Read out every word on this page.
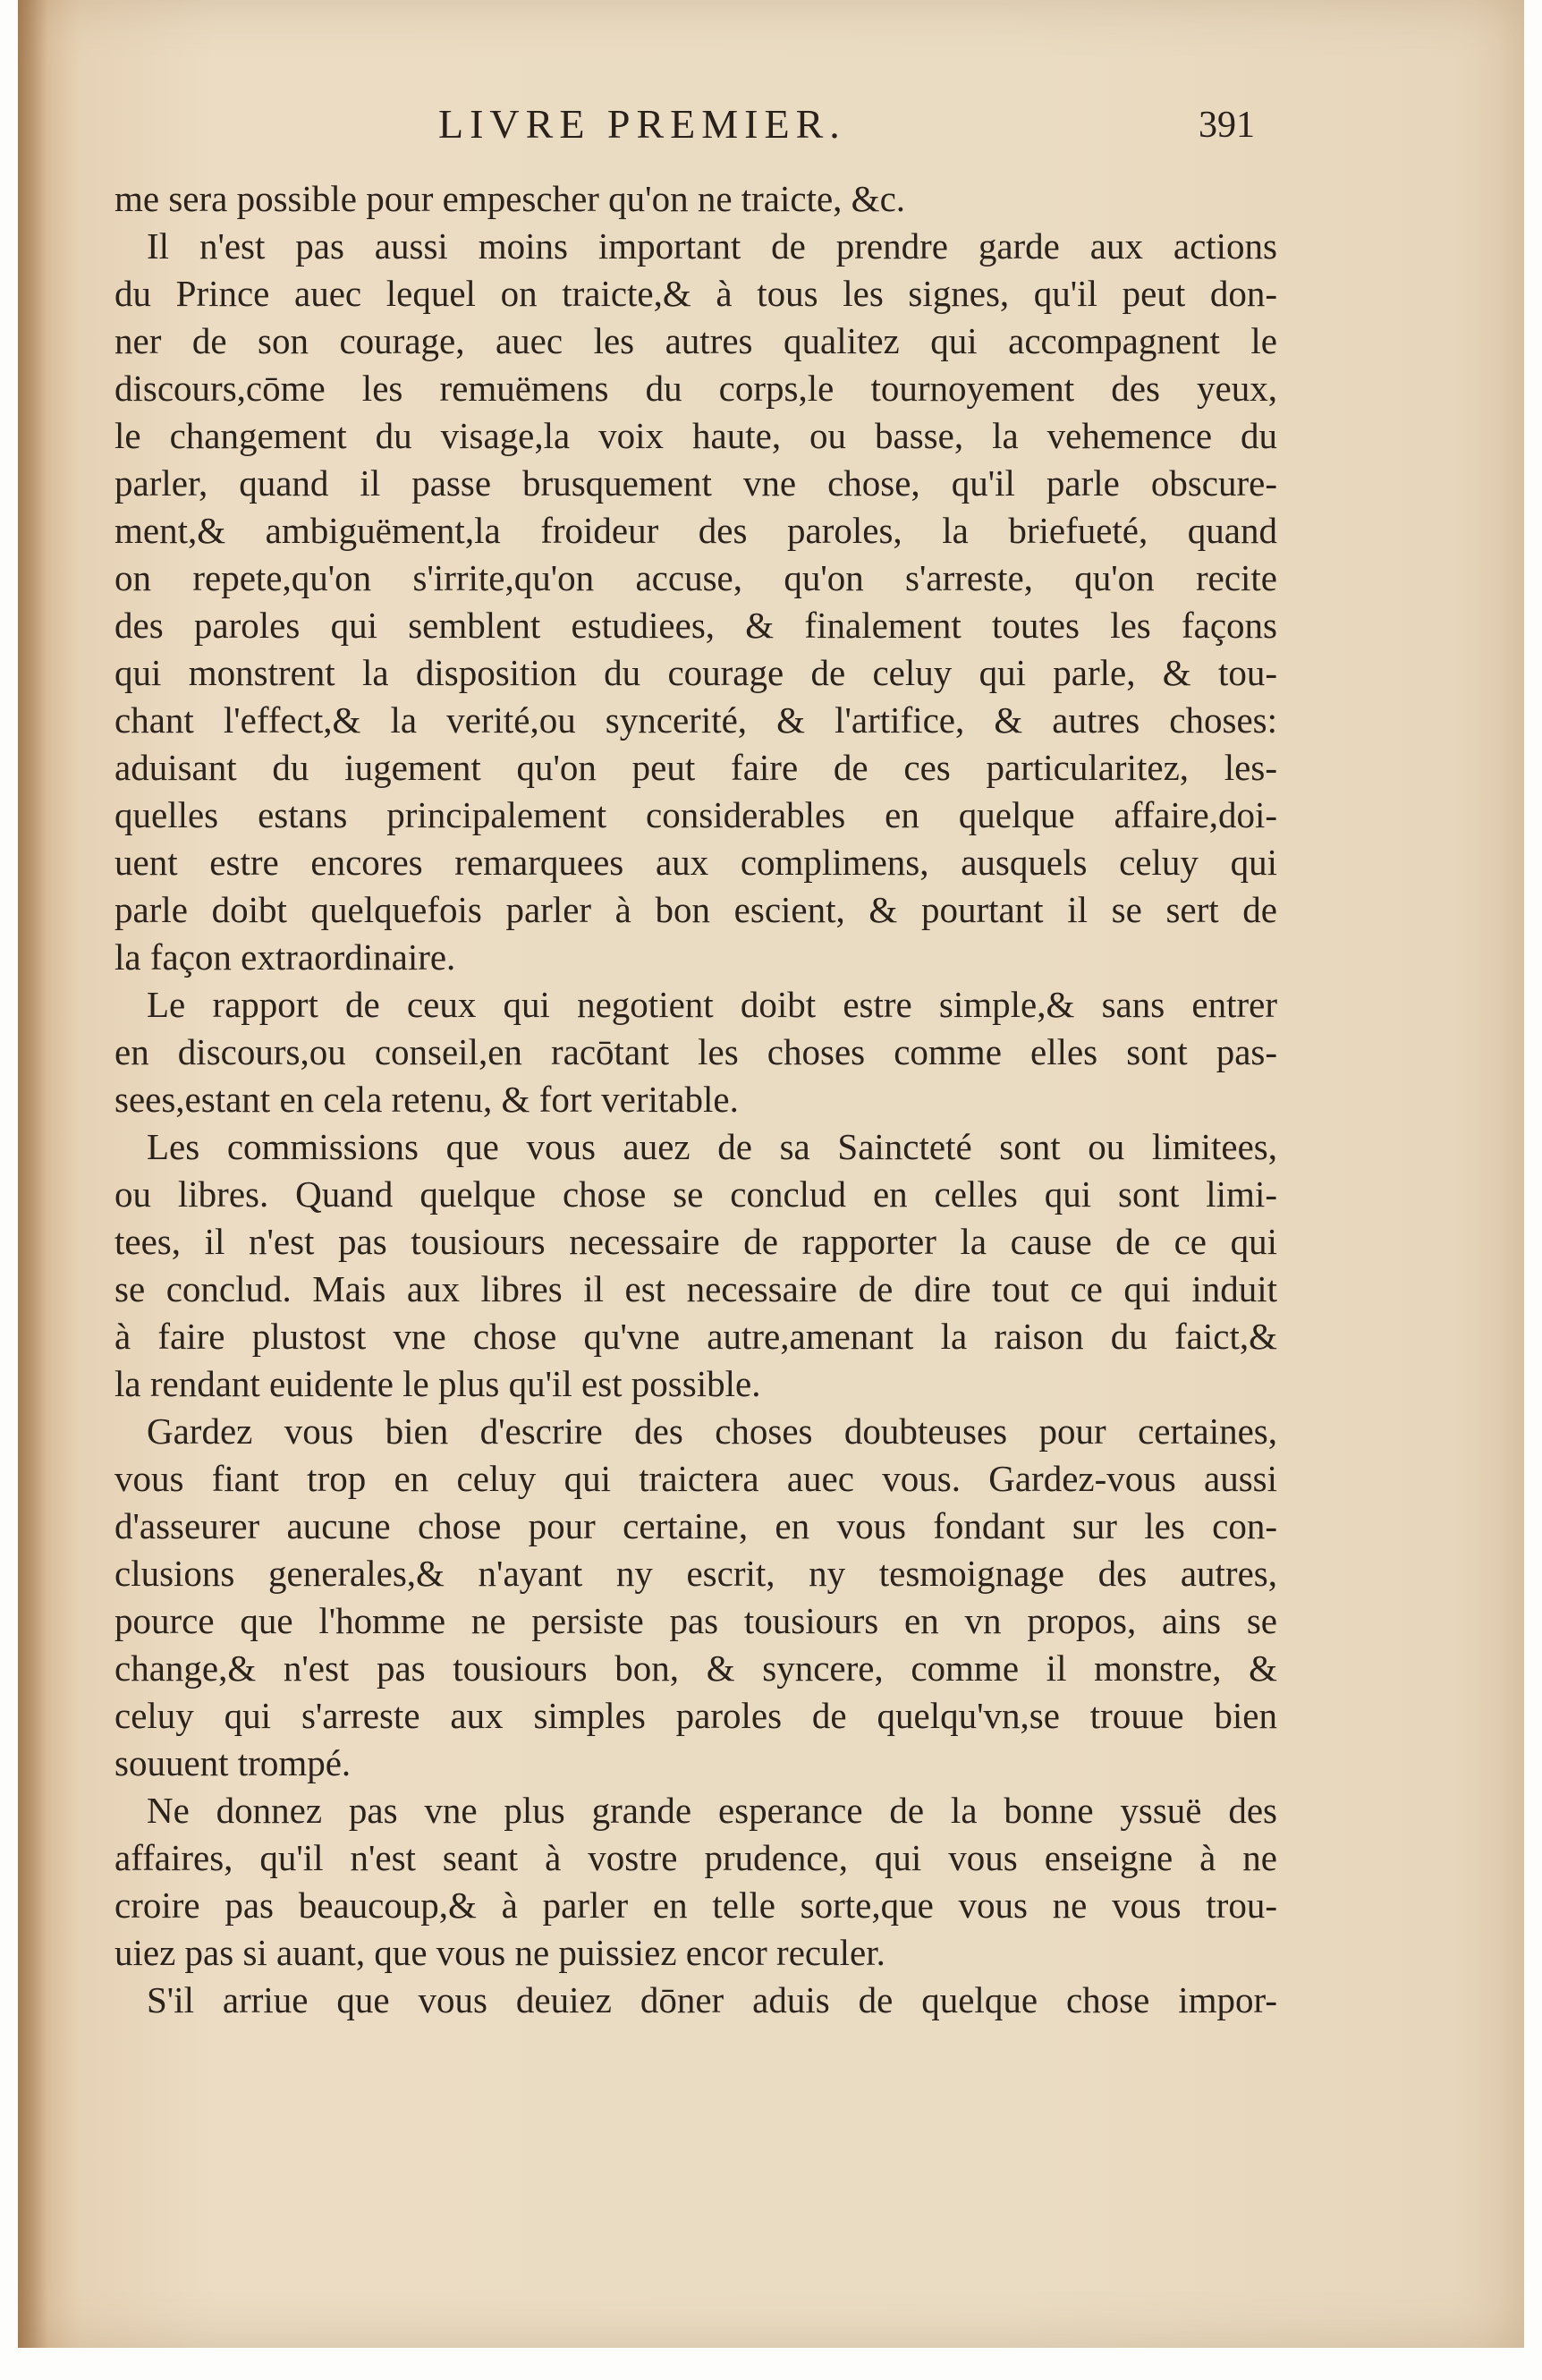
LIVRE PREMIER.	391
me sera possible pour empescher qu'on ne traicte, &c.
Il n'est pas aussi moins important de prendre garde aux actions
du Prince auec lequel on traicte,& à tous les signes, qu'il peut don-
ner de son courage, auec les autres qualitez qui accompagnent le
discours,cōme les remuëmens du corps,le tournoyement des yeux,
le changement du visage,la voix haute, ou basse, la vehemence du
parler, quand il passe brusquement vne chose, qu'il parle obscure-
ment,& ambiguëment,la froideur des paroles, la briefueté, quand
on repete,qu'on s'irrite,qu'on accuse, qu'on s'arreste, qu'on recite
des paroles qui semblent estudiees, & finalement toutes les façons
qui monstrent la disposition du courage de celuy qui parle, & tou-
chant l'effect,& la verité,ou syncerité, & l'artifice, & autres choses:
aduisant du iugement qu'on peut faire de ces particularitez, les-
quelles estans principalement considerables en quelque affaire,doi-
uent estre encores remarquees aux complimens, ausquels celuy qui
parle doibt quelquefois parler à bon escient, & pourtant il se sert de
la façon extraordinaire.
Le rapport de ceux qui negotient doibt estre simple,& sans entrer
en discours,ou conseil,en racōtant les choses comme elles sont pas-
sees,estant en cela retenu, & fort veritable.
Les commissions que vous auez de sa Saincteté sont ou limitees,
ou libres. Quand quelque chose se conclud en celles qui sont limi-
tees, il n'est pas tousiours necessaire de rapporter la cause de ce qui
se conclud. Mais aux libres il est necessaire de dire tout ce qui induit
à faire plustost vne chose qu'vne autre,amenant la raison du faict,&
la rendant euidente le plus qu'il est possible.
Gardez vous bien d'escrire des choses doubteuses pour certaines,
vous fiant trop en celuy qui traictera auec vous. Gardez-vous aussi
d'asseurer aucune chose pour certaine, en vous fondant sur les con-
clusions generales,& n'ayant ny escrit, ny tesmoignage des autres,
pource que l'homme ne persiste pas tousiours en vn propos, ains se
change,& n'est pas tousiours bon, & syncere, comme il monstre, &
celuy qui s'arreste aux simples paroles de quelqu'vn,se trouue bien
souuent trompé.
Ne donnez pas vne plus grande esperance de la bonne yssuë des
affaires, qu'il n'est seant à vostre prudence, qui vous enseigne à ne
croire pas beaucoup,& à parler en telle sorte,que vous ne vous trou-
uiez pas si auant, que vous ne puissiez encor reculer.
S'il arriue que vous deuiez dōner aduis de quelque chose impor-
